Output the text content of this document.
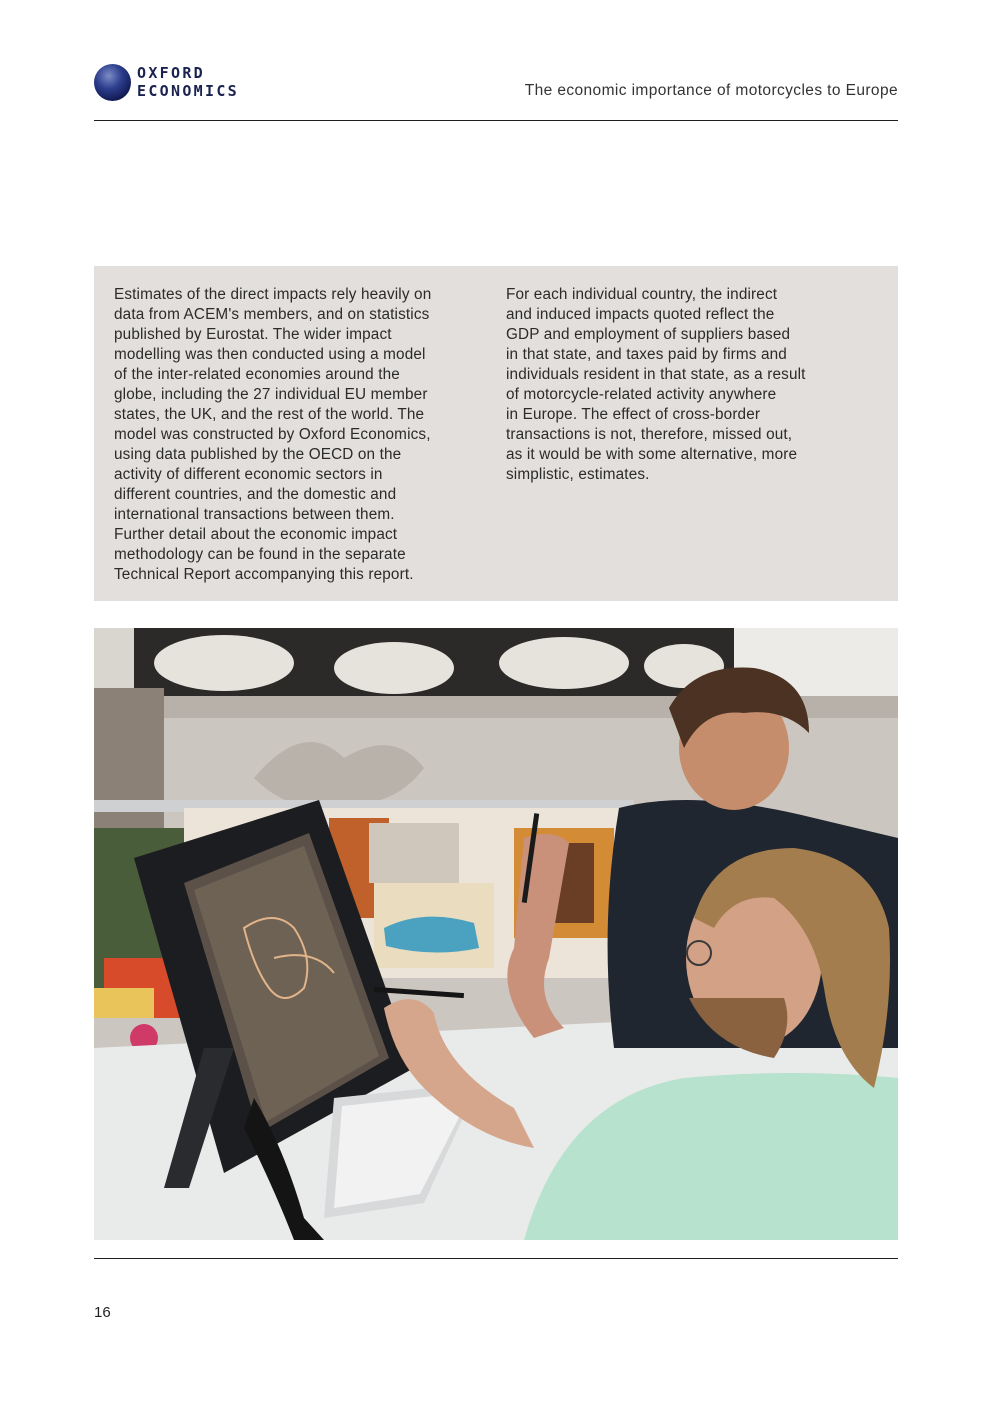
OXFORD
ECONOMICS	The economic importance of motorcycles to Europe
Estimates of the direct impacts rely heavily on
data from ACEM's members, and on statistics
published by Eurostat. The wider impact
modelling was then conducted using a model
of the inter-related economies around the
globe, including the 27 individual EU member
states, the UK, and the rest of the world. The
model was constructed by Oxford Economics,
using data published by the OECD on the
activity of different economic sectors in
different countries, and the domestic and
international transactions between them.
Further detail about the economic impact
methodology can be found in the separate
Technical Report accompanying this report.
For each individual country, the indirect
and induced impacts quoted reflect the
GDP and employment of suppliers based
in that state, and taxes paid by firms and
individuals resident in that state, as a result
of motorcycle-related activity anywhere
in Europe. The effect of cross-border
transactions is not, therefore, missed out,
as it would be with some alternative, more
simplistic, estimates.
16
